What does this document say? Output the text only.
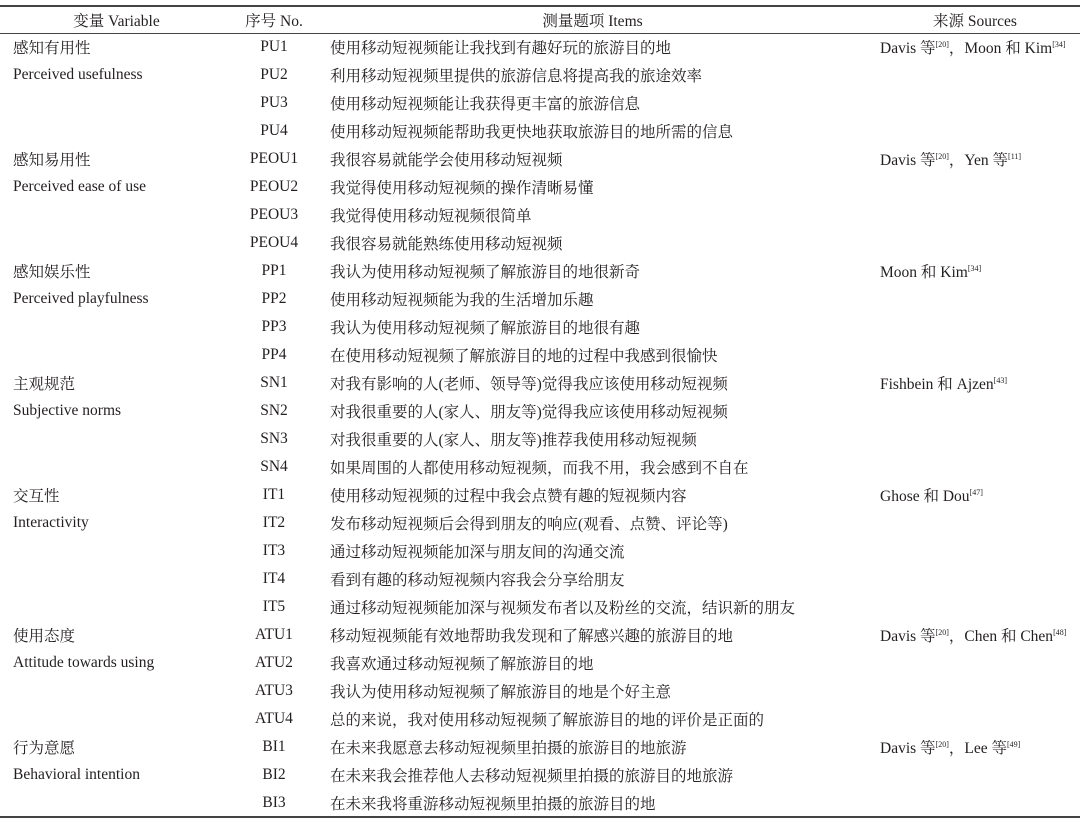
变量 Variable	序号 No.	测量题项 Items	来源 Sources
感知有用性	PU1	使用移动短视频能让我找到有趣好玩的旅游目的地	Davis 等[20]，Moon 和 Kim[34]
Perceived usefulness	PU2	利用移动短视频里提供的旅游信息将提高我的旅途效率	
	PU3	使用移动短视频能让我获得更丰富的旅游信息	
	PU4	使用移动短视频能帮助我更快地获取旅游目的地所需的信息	
感知易用性	PEOU1	我很容易就能学会使用移动短视频	Davis 等[20]，Yen 等[11]
Perceived ease of use	PEOU2	我觉得使用移动短视频的操作清晰易懂	
	PEOU3	我觉得使用移动短视频很简单	
	PEOU4	我很容易就能熟练使用移动短视频	
感知娱乐性	PP1	我认为使用移动短视频了解旅游目的地很新奇	Moon 和 Kim[34]
Perceived playfulness	PP2	使用移动短视频能为我的生活增加乐趣	
	PP3	我认为使用移动短视频了解旅游目的地很有趣	
	PP4	在使用移动短视频了解旅游目的地的过程中我感到很愉快	
主观规范	SN1	对我有影响的人(老师、领导等)觉得我应该使用移动短视频	Fishbein 和 Ajzen[43]
Subjective norms	SN2	对我很重要的人(家人、朋友等)觉得我应该使用移动短视频	
	SN3	对我很重要的人(家人、朋友等)推荐我使用移动短视频	
	SN4	如果周围的人都使用移动短视频，而我不用，我会感到不自在	
交互性	IT1	使用移动短视频的过程中我会点赞有趣的短视频内容	Ghose 和 Dou[47]
Interactivity	IT2	发布移动短视频后会得到朋友的响应(观看、点赞、评论等)	
	IT3	通过移动短视频能加深与朋友间的沟通交流	
	IT4	看到有趣的移动短视频内容我会分享给朋友	
	IT5	通过移动短视频能加深与视频发布者以及粉丝的交流，结识新的朋友	
使用态度	ATU1	移动短视频能有效地帮助我发现和了解感兴趣的旅游目的地	Davis 等[20]，Chen 和 Chen[48]
Attitude towards using	ATU2	我喜欢通过移动短视频了解旅游目的地	
	ATU3	我认为使用移动短视频了解旅游目的地是个好主意	
	ATU4	总的来说，我对使用移动短视频了解旅游目的地的评价是正面的	
行为意愿	BI1	在未来我愿意去移动短视频里拍摄的旅游目的地旅游	Davis 等[20]，Lee 等[49]
Behavioral intention	BI2	在未来我会推荐他人去移动短视频里拍摄的旅游目的地旅游	
	BI3	在未来我将重游移动短视频里拍摄的旅游目的地	
